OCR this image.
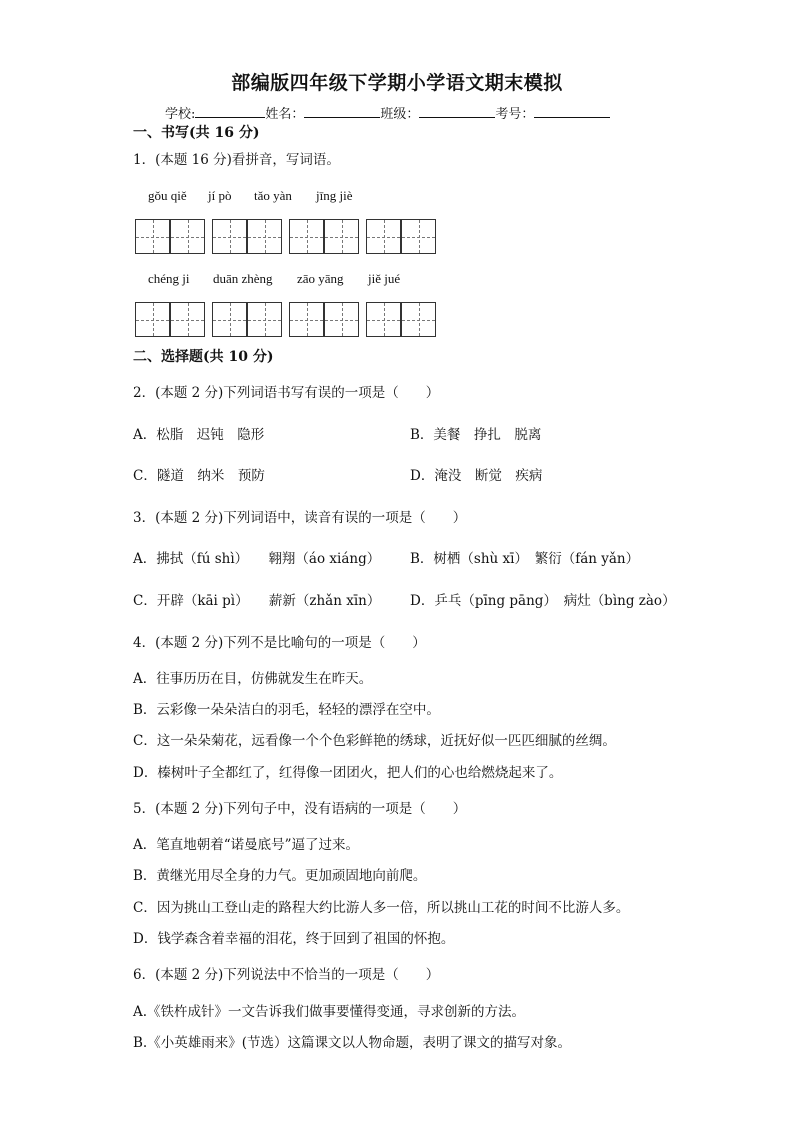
部编版四年级下学期小学语文期末模拟
学校:	姓名：	班级：	考号：
一、书写(共 16 分)
1．(本题 16 分)看拼音，写词语。
gǒu qiě jí pò tǎo yàn jīng jiè
chéng ji duān zhèng zāo yāng jiě jué
二、选择题(共 10 分)
2．(本题 2 分)下列词语书写有误的一项是（　　）
A．松脂　迟钝　隐形	B．美餐　挣扎　脱离
C．隧道　纳米　预防	D．淹没　断觉　疾病
3．(本题 2 分)下列词语中，读音有误的一项是（　　）
A．拂拭（fú shì）　　翱翔（áo xiáng） B．树栖（shù xī）　繁衍（fán yǎn）
C．开辟（kāi pì）　　薪新（zhǎn xīn） D．乒乓（pīng pāng）　病灶（bìng zào）
4．(本题 2 分)下列不是比喻句的一项是（　　）
A．往事历历在目，仿佛就发生在昨天。
B．云彩像一朵朵洁白的羽毛，轻轻的漂浮在空中。
C．这一朵朵菊花，远看像一个个色彩鲜艳的绣球，近抚好似一匹匹细腻的丝绸。
D．榛树叶子全都红了，红得像一团团火，把人们的心也给燃烧起来了。
5．(本题 2 分)下列句子中，没有语病的一项是（　　）
A．笔直地朝着“诺曼底号”逼了过来。
B．黄继光用尽全身的力气。更加顽固地向前爬。
C．因为挑山工登山走的路程大约比游人多一倍，所以挑山工花的时间不比游人多。
D．钱学森含着幸福的泪花，终于回到了祖国的怀抱。
6．(本题 2 分)下列说法中不恰当的一项是（　　）
A.《铁杵成针》一文告诉我们做事要懂得变通，寻求创新的方法。
B.《小英雄雨来》(节选）这篇课文以人物命题，表明了课文的描写对象。
